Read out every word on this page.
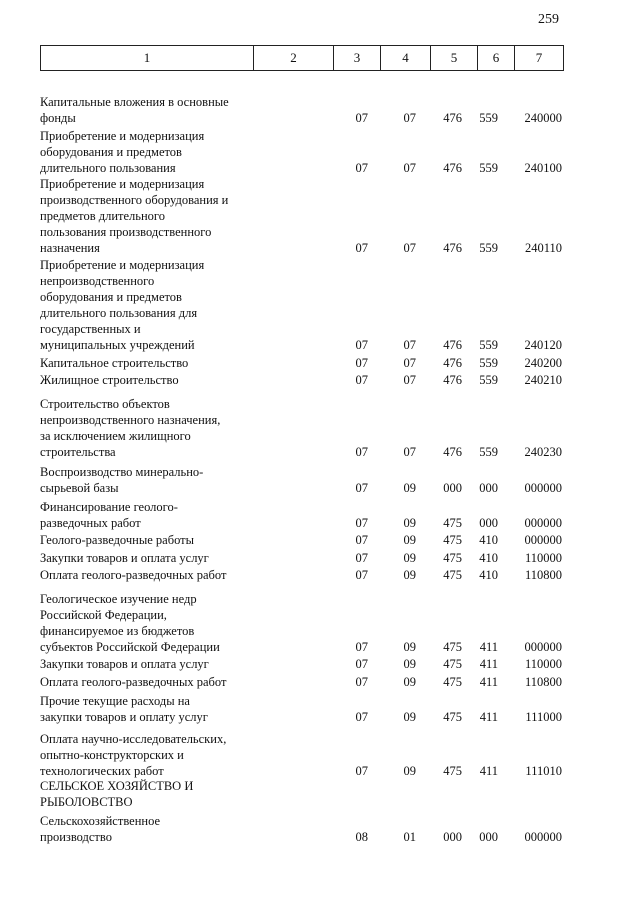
259
1	2	3	4	5	6	7
Капитальные вложения в основные
фонды	07	07	476	559	240000
Приобретение и модернизация
оборудования и предметов
длительного пользования	07	07	476	559	240100
Приобретение и модернизация
производственного оборудования и
предметов длительного
пользования производственного
назначения	07	07	476	559	240110
Приобретение и модернизация
непроизводственного
оборудования и предметов
длительного пользования для
государственных и
муниципальных учреждений	07	07	476	559	240120
Капитальное строительство	07	07	476	559	240200
Жилищное строительство	07	07	476	559	240210
Строительство объектов
непроизводственного назначения,
за исключением жилищного
строительства	07	07	476	559	240230
Воспроизводство минерально-
сырьевой базы	07	09	000	000	000000
Финансирование геолого-
разведочных работ	07	09	475	000	000000
Геолого-разведочные работы	07	09	475	410	000000
Закупки товаров и оплата услуг	07	09	475	410	110000
Оплата геолого-разведочных работ	07	09	475	410	110800
Геологическое изучение недр
Российской Федерации,
финансируемое из бюджетов
субъектов Российской Федерации	07	09	475	411	000000
Закупки товаров и оплата услуг	07	09	475	411	110000
Оплата геолого-разведочных работ	07	09	475	411	110800
Прочие текущие расходы на
закупки товаров и оплату услуг	07	09	475	411	111000
Оплата научно-исследовательских,
опытно-конструкторских и
технологических работ	07	09	475	411	111010
СЕЛЬСКОЕ ХОЗЯЙСТВО И
РЫБОЛОВСТВО
Сельскохозяйственное
производство	08	01	000	000	000000
